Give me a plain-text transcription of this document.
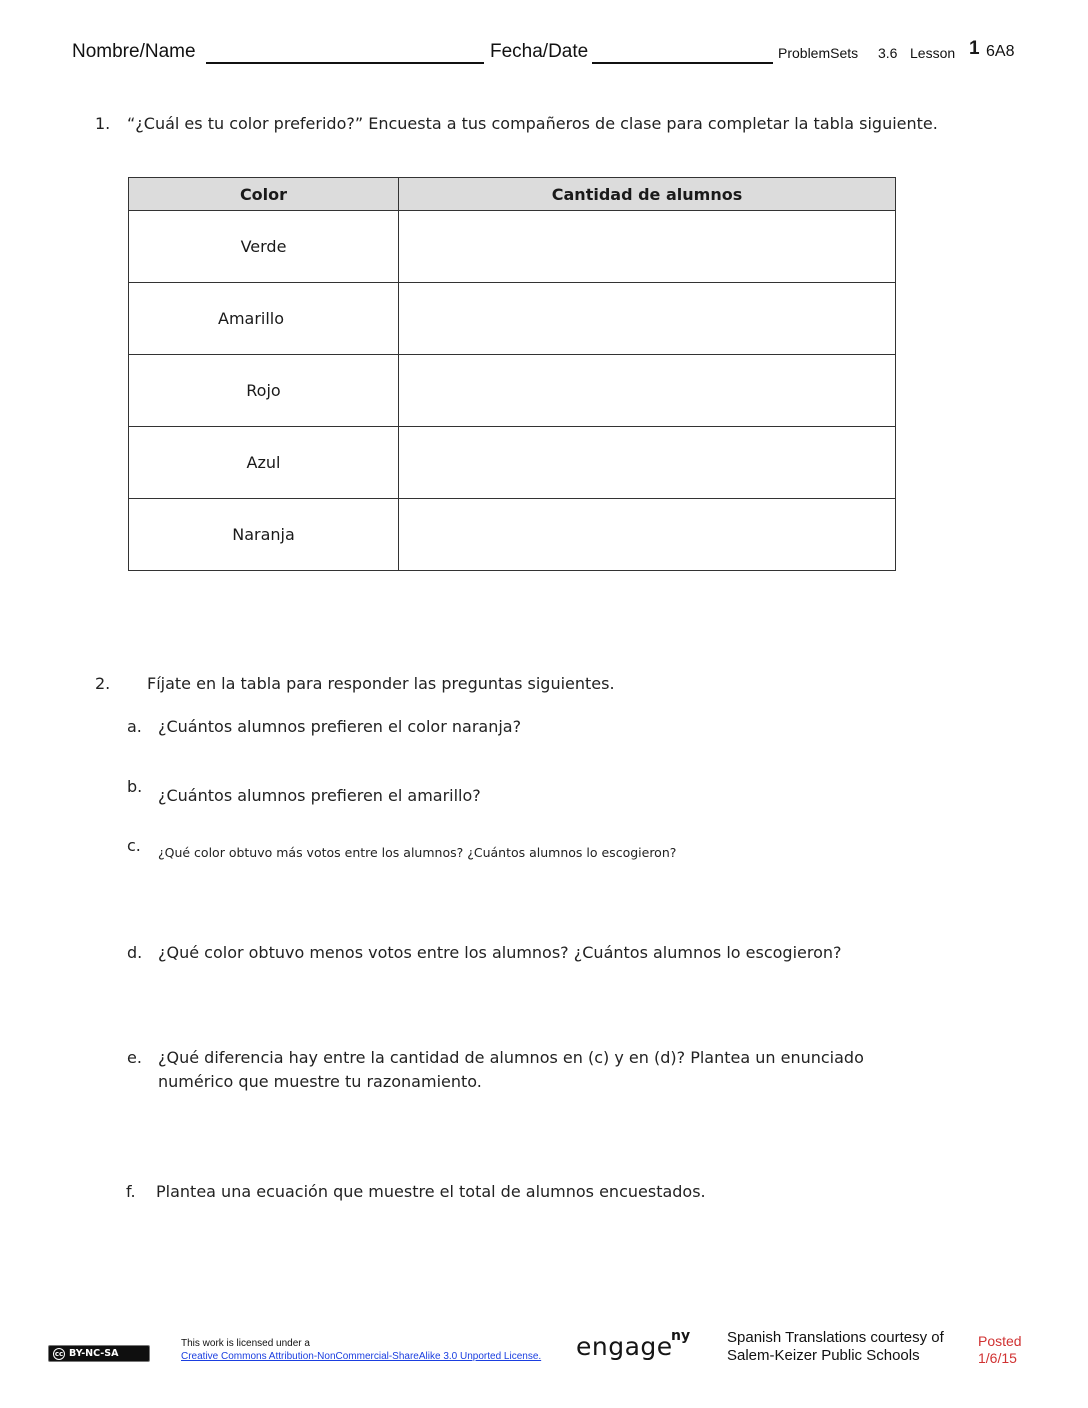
Nombre/Name	Fecha/Date	ProblemSets 3.6 Lesson 1 6A8
1. “¿Cuál es tu color preferido?” Encuesta a tus compañeros de clase para completar la tabla siguiente.
Color	Cantidad de alumnos
Verde	
Amarillo	
Rojo	
Azul	
Naranja	
2. Fíjate en la tabla para responder las preguntas siguientes.
a. ¿Cuántos alumnos prefieren el color naranja?
b. ¿Cuántos alumnos prefieren el amarillo?
c. ¿Qué color obtuvo más votos entre los alumnos? ¿Cuántos alumnos lo escogieron?
d. ¿Qué color obtuvo menos votos entre los alumnos? ¿Cuántos alumnos lo escogieron?
e. ¿Qué diferencia hay entre la cantidad de alumnos en (c) y en (d)? Plantea un enunciado
numérico que muestre tu razonamiento.
f. Plantea una ecuación que muestre el total de alumnos encuestados.
cc BY-NC-SA
This work is licensed under a
Creative Commons Attribution-NonCommercial-ShareAlike 3.0 Unported License. engage
ny Spanish Translations courtesy of
Salem-Keizer Public Schools
Posted
1/6/15
